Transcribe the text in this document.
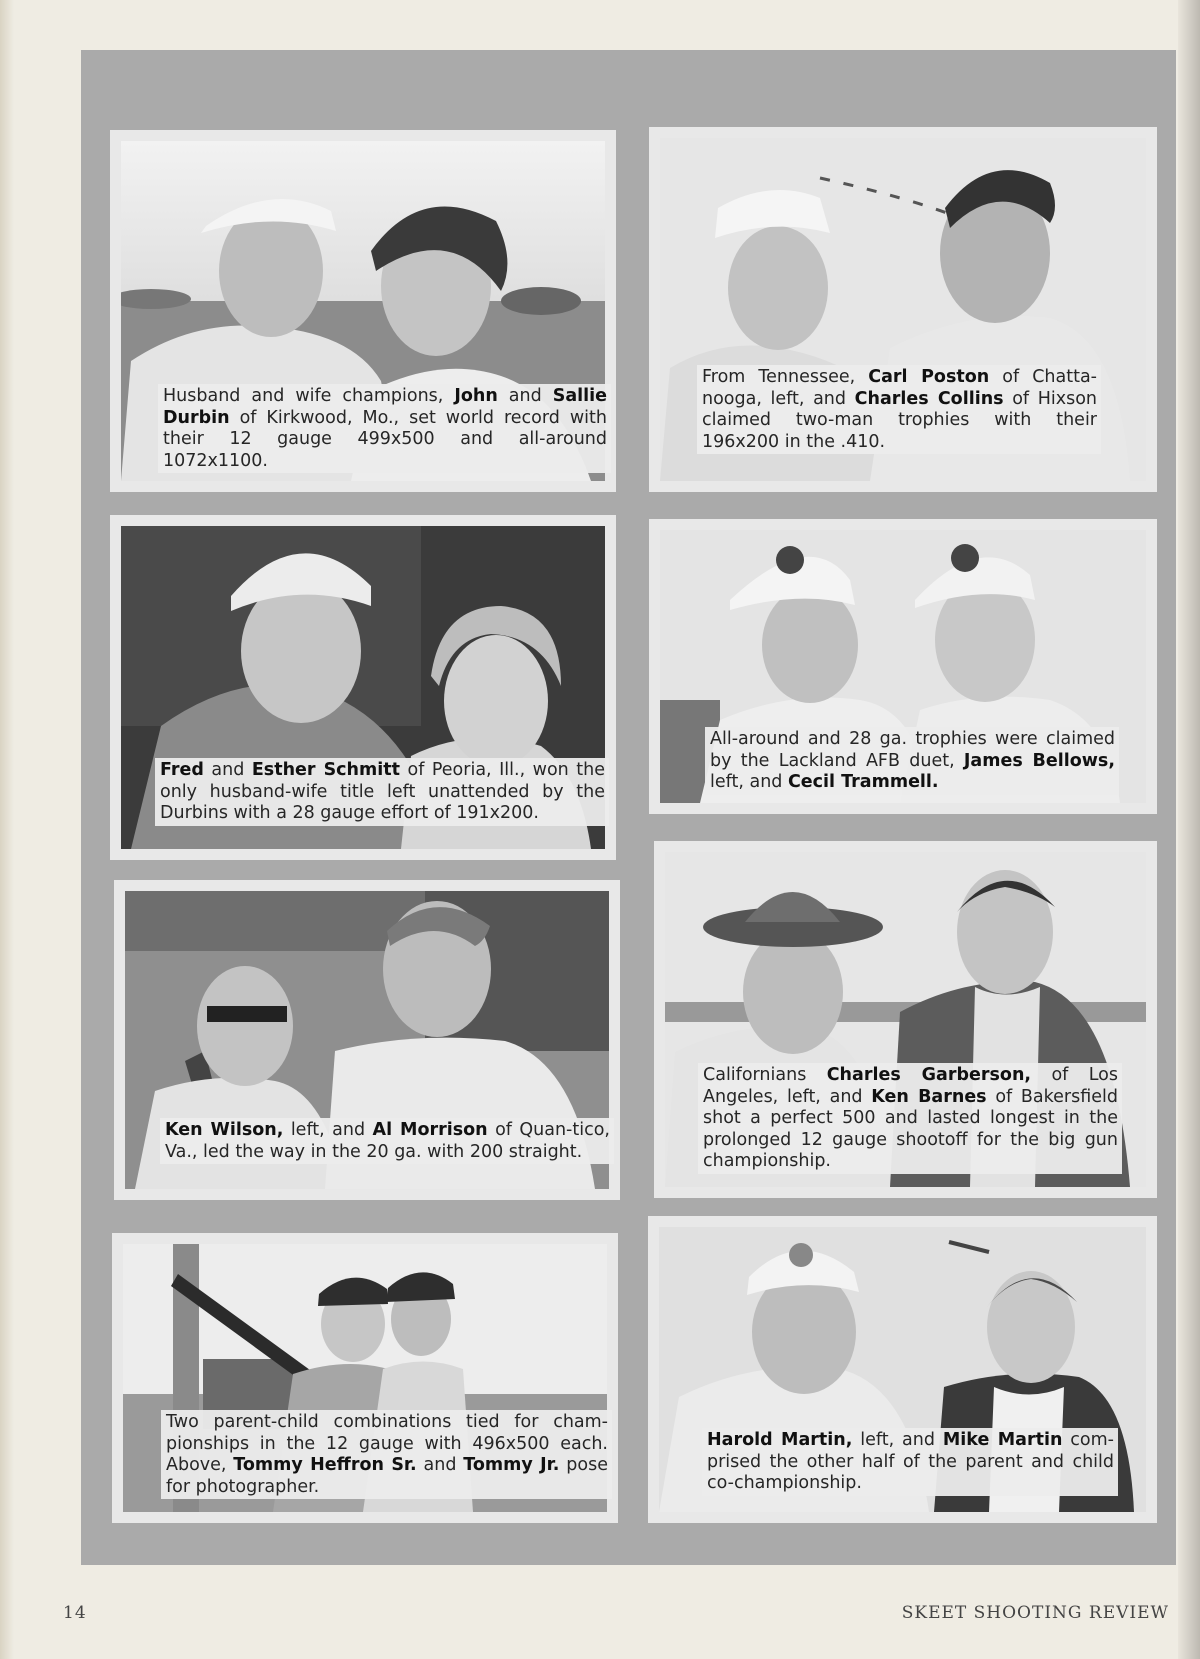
Husband and wife champions, John and Sallie Durbin of Kirkwood, Mo., set world record with their 12 gauge 499x500 and all-around 1072x1100.
From Tennessee, Carl Poston of Chatta-nooga, left, and Charles Collins of Hixson claimed two-man trophies with their 196x200 in the .410.
Fred and Esther Schmitt of Peoria, Ill., won the only husband-wife title left unattended by the Durbins with a 28 gauge effort of 191x200.
All-around and 28 ga. trophies were claimed by the Lackland AFB duet, James Bellows, left, and Cecil Trammell.
Ken Wilson, left, and Al Morrison of Quan-tico, Va., led the way in the 20 ga. with 200 straight.
Californians Charles Garberson, of Los Angeles, left, and Ken Barnes of Bakersfield shot a perfect 500 and lasted longest in the prolonged 12 gauge shootoff for the big gun championship.
Two parent-child combinations tied for cham-pionships in the 12 gauge with 496x500 each. Above, Tommy Heffron Sr. and Tommy Jr. pose for photographer.
Harold Martin, left, and Mike Martin com-prised the other half of the parent and child co-championship.
14	SKEET SHOOTING REVIEW
